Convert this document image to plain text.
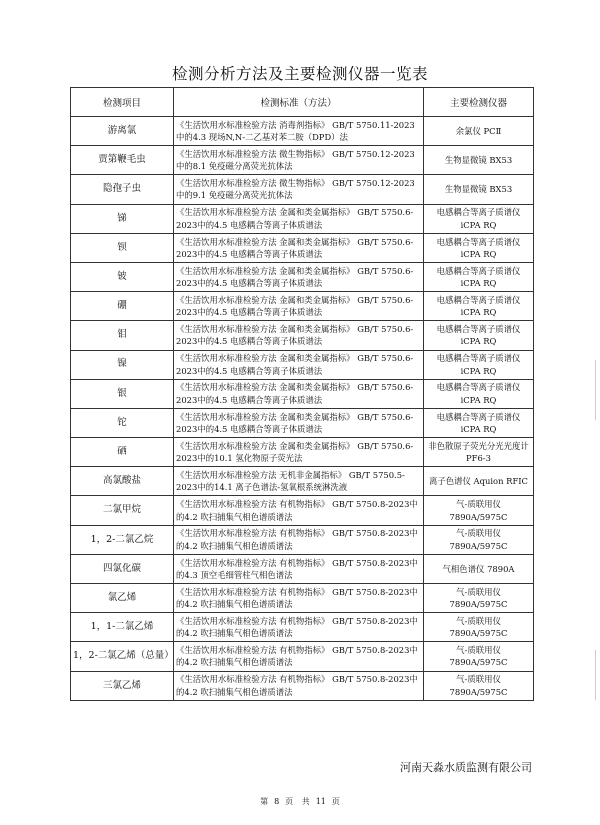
检测分析方法及主要检测仪器一览表
检测项目	检测标准（方法）	主要检测仪器
游离氯	《生活饮用水标准检验方法 消毒剂指标》 GB/T 5750.11-2023中的4.3 现场N,N-二乙基对苯二胺（DPD）法	余氯仪 PCⅡ
贾第鞭毛虫	《生活饮用水标准检验方法 微生物指标》 GB/T 5750.12-2023中的8.1 免疫磁分离荧光抗体法	生物显微镜 BX53
隐孢子虫	《生活饮用水标准检验方法 微生物指标》 GB/T 5750.12-2023中的9.1 免疫磁分离荧光抗体法	生物显微镜 BX53
锑	《生活饮用水标准检验方法 金属和类金属指标》 GB/T 5750.6-2023中的4.5 电感耦合等离子体质谱法	电感耦合等离子质谱仪 iCPA RQ
钡	《生活饮用水标准检验方法 金属和类金属指标》 GB/T 5750.6-2023中的4.5 电感耦合等离子体质谱法	电感耦合等离子质谱仪 iCPA RQ
铍	《生活饮用水标准检验方法 金属和类金属指标》 GB/T 5750.6-2023中的4.5 电感耦合等离子体质谱法	电感耦合等离子质谱仪 iCPA RQ
硼	《生活饮用水标准检验方法 金属和类金属指标》 GB/T 5750.6-2023中的4.5 电感耦合等离子体质谱法	电感耦合等离子质谱仪 iCPA RQ
钼	《生活饮用水标准检验方法 金属和类金属指标》 GB/T 5750.6-2023中的4.5 电感耦合等离子体质谱法	电感耦合等离子质谱仪 iCPA RQ
镍	《生活饮用水标准检验方法 金属和类金属指标》 GB/T 5750.6-2023中的4.5 电感耦合等离子体质谱法	电感耦合等离子质谱仪 iCPA RQ
银	《生活饮用水标准检验方法 金属和类金属指标》 GB/T 5750.6-2023中的4.5 电感耦合等离子体质谱法	电感耦合等离子质谱仪 iCPA RQ
铊	《生活饮用水标准检验方法 金属和类金属指标》 GB/T 5750.6-2023中的4.5 电感耦合等离子体质谱法	电感耦合等离子质谱仪 iCPA RQ
硒	《生活饮用水标准检验方法 金属和类金属指标》 GB/T 5750.6-2023中的10.1 氢化物原子荧光法	非色散原子荧光分光光度计 PF6-3
高氯酸盐	《生活饮用水标准检验方法 无机非金属指标》 GB/T 5750.5-2023中的14.1 离子色谱法-氢氧根系统淋洗液	离子色谱仪 Aquion RFIC
二氯甲烷	《生活饮用水标准检验方法 有机物指标》 GB/T 5750.8-2023中的4.2 吹扫捕集气相色谱质谱法	气-质联用仪 7890A/5975C
1，2-二氯乙烷	《生活饮用水标准检验方法 有机物指标》 GB/T 5750.8-2023中的4.2 吹扫捕集气相色谱质谱法	气-质联用仪 7890A/5975C
四氯化碳	《生活饮用水标准检验方法 有机物指标》 GB/T 5750.8-2023中的4.3 顶空毛细管柱气相色谱法	气相色谱仪 7890A
氯乙烯	《生活饮用水标准检验方法 有机物指标》 GB/T 5750.8-2023中的4.2 吹扫捕集气相色谱质谱法	气-质联用仪 7890A/5975C
1，1-二氯乙烯	《生活饮用水标准检验方法 有机物指标》 GB/T 5750.8-2023中的4.2 吹扫捕集气相色谱质谱法	气-质联用仪 7890A/5975C
1，2-二氯乙烯（总量）	《生活饮用水标准检验方法 有机物指标》 GB/T 5750.8-2023中的4.2 吹扫捕集气相色谱质谱法	气-质联用仪 7890A/5975C
三氯乙烯	《生活饮用水标准检验方法 有机物指标》 GB/T 5750.8-2023中的4.2 吹扫捕集气相色谱质谱法	气-质联用仪 7890A/5975C
河南天淼水质监测有限公司
第 8 页 共 11 页
